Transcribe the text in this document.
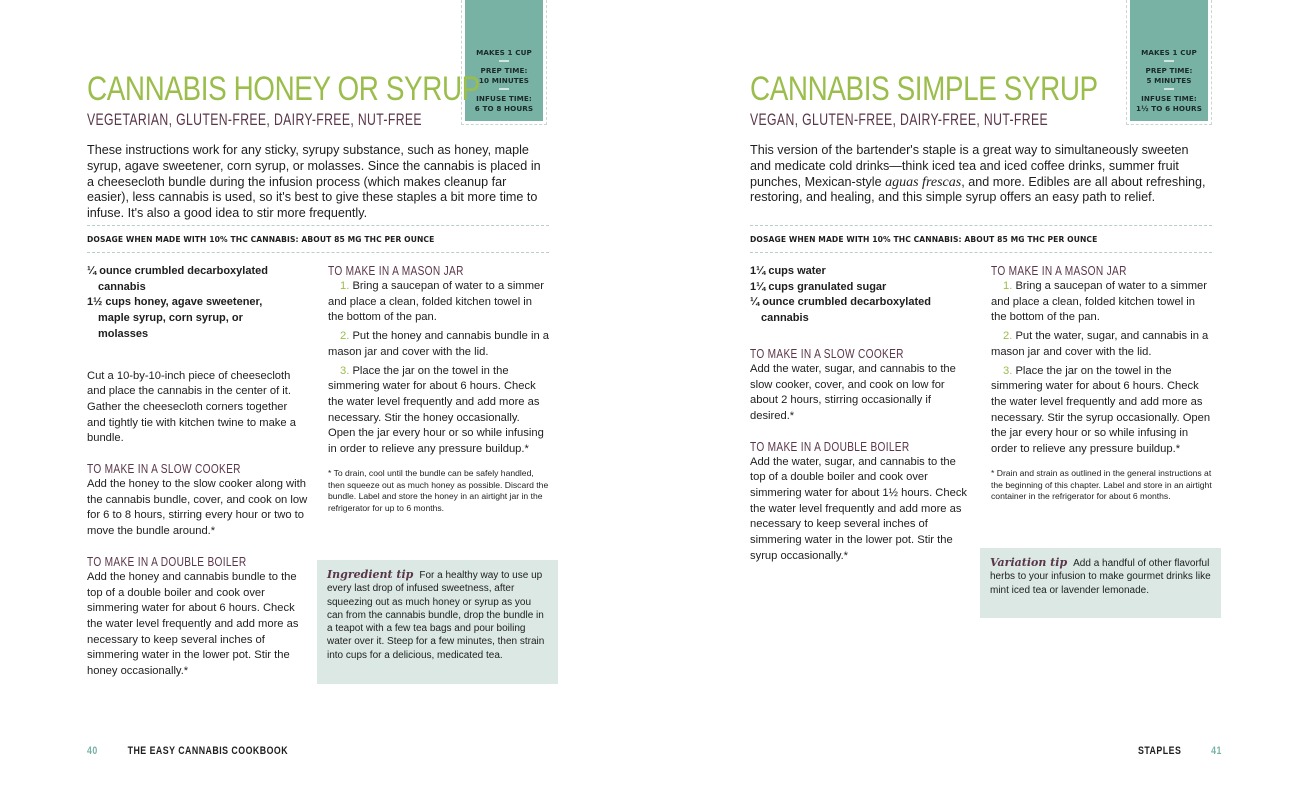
MAKES 1 CUP
PREP TIME:
10 MINUTES
INFUSE TIME:
6 TO 8 HOURS
CANNABIS HONEY OR SYRUP
VEGETARIAN, GLUTEN-FREE, DAIRY-FREE, NUT-FREE

These instructions work for any sticky, syrupy substance, such as honey, maple syrup, agave sweetener, corn syrup, or molasses. Since the cannabis is placed in a cheesecloth bundle during the infusion process (which makes cleanup far easier), less cannabis is used, so it's best to give these staples a bit more time to infuse. It's also a good idea to stir more frequently.

DOSAGE WHEN MADE WITH 10% THC CANNABIS: ABOUT 85 MG THC PER OUNCE
¼ ounce crumbled decarboxylated cannabis
1½ cups honey, agave sweetener, maple syrup, corn syrup, or molasses

Cut a 10-by-10-inch piece of cheesecloth and place the cannabis in the center of it. Gather the cheesecloth corners together and tightly tie with kitchen twine to make a bundle.

TO MAKE IN A SLOW COOKER

Add the honey to the slow cooker along with the cannabis bundle, cover, and cook on low for 6 to 8 hours, stirring every hour or two to move the bundle around.*

TO MAKE IN A DOUBLE BOILER

Add the honey and cannabis bundle to the top of a double boiler and cook over simmering water for about 6 hours. Check the water level frequently and add more as necessary to keep several inches of simmering water in the lower pot. Stir the honey occasionally.*

TO MAKE IN A MASON JAR

1. Bring a saucepan of water to a simmer and place a clean, folded kitchen towel in the bottom of the pan.

2. Put the honey and cannabis bundle in a mason jar and cover with the lid.

3. Place the jar on the towel in the simmering water for about 6 hours. Check the water level frequently and add more as necessary. Stir the honey occasionally. Open the jar every hour or so while infusing in order to relieve any pressure buildup.*

* To drain, cool until the bundle can be safely handled, then squeeze out as much honey as possible. Discard the bundle. Label and store the honey in an airtight jar in the refrigerator for up to 6 months.

Ingredient tip For a healthy way to use up every last drop of infused sweetness, after squeezing out as much honey or syrup as you can from the cannabis bundle, drop the bundle in a teapot with a few tea bags and pour boiling water over it. Steep for a few minutes, then strain into cups for a delicious, medicated tea.
40	THE EASY CANNABIS COOKBOOK
MAKES 1 CUP
PREP TIME:
5 MINUTES
INFUSE TIME:
1½ TO 6 HOURS
CANNABIS SIMPLE SYRUP
VEGAN, GLUTEN-FREE, DAIRY-FREE, NUT-FREE

This version of the bartender's staple is a great way to simultaneously sweeten and medicate cold drinks—think iced tea and iced coffee drinks, summer fruit punches, Mexican-style aguas frescas, and more. Edibles are all about refreshing, restoring, and healing, and this simple syrup offers an easy path to relief.

DOSAGE WHEN MADE WITH 10% THC CANNABIS: ABOUT 85 MG THC PER OUNCE
1¼ cups water
1¼ cups granulated sugar
¼ ounce crumbled decarboxylated cannabis
TO MAKE IN A SLOW COOKER

Add the water, sugar, and cannabis to the slow cooker, cover, and cook on low for about 2 hours, stirring occasionally if desired.*

TO MAKE IN A DOUBLE BOILER

Add the water, sugar, and cannabis to the top of a double boiler and cook over simmering water for about 1½ hours. Check the water level frequently and add more as necessary to keep several inches of simmering water in the lower pot. Stir the syrup occasionally.*

TO MAKE IN A MASON JAR

1. Bring a saucepan of water to a simmer and place a clean, folded kitchen towel in the bottom of the pan.

2. Put the water, sugar, and cannabis in a mason jar and cover with the lid.

3. Place the jar on the towel in the simmering water for about 6 hours. Check the water level frequently and add more as necessary. Stir the syrup occasionally. Open the jar every hour or so while infusing in order to relieve any pressure buildup.*

* Drain and strain as outlined in the general instructions at the beginning of this chapter. Label and store in an airtight container in the refrigerator for about 6 months.

Variation tip Add a handful of other flavorful herbs to your infusion to make gourmet drinks like mint iced tea or lavender lemonade.
STAPLES	41
